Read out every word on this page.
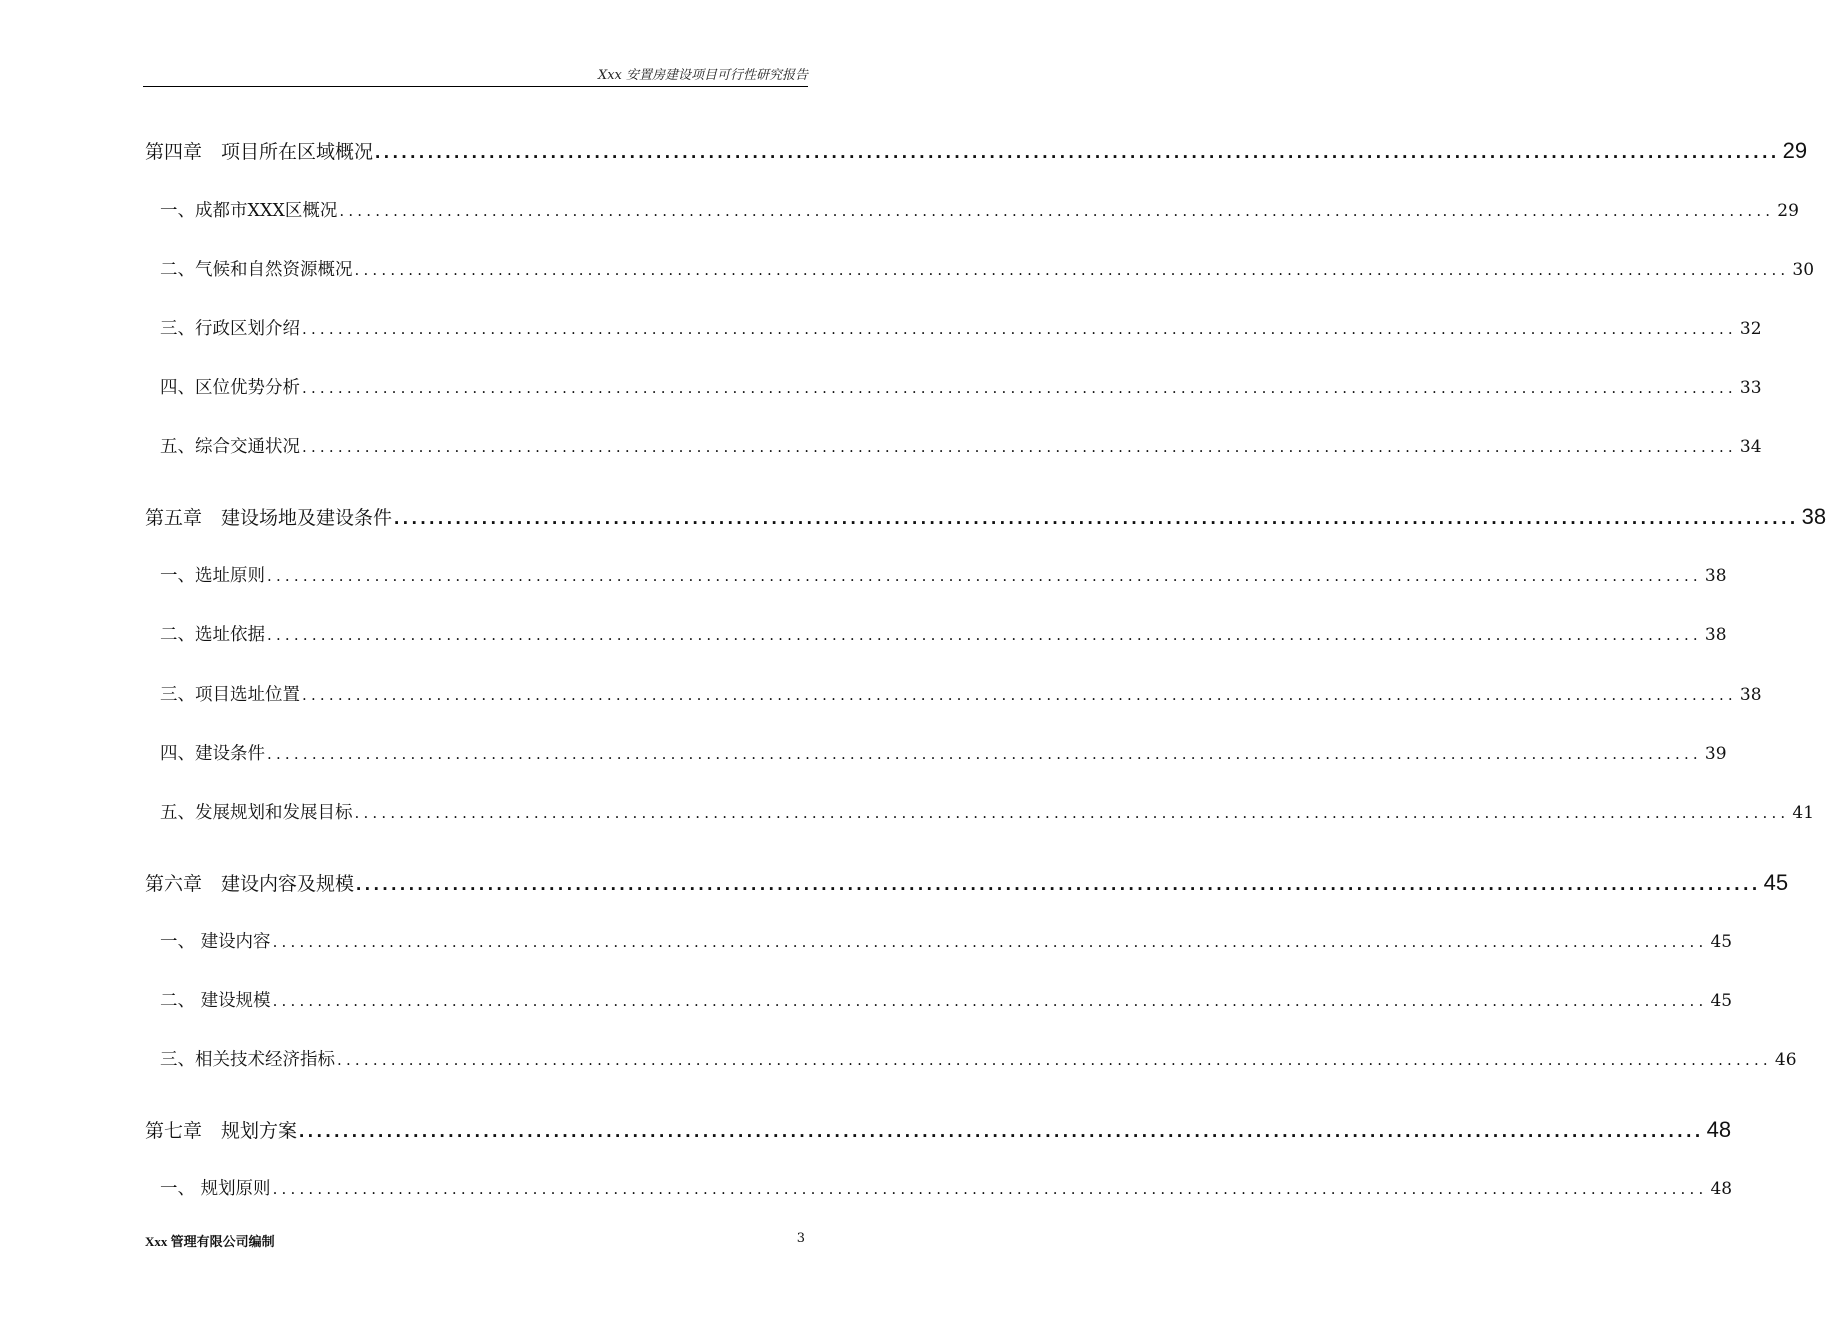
Xxx 安置房建设项目可行性研究报告
第四章　项目所在区域概况 ................................................................................................................................................................ 29
一、成都市XXX区概况 ................................................................................................................................................................ 29
二、气候和自然资源概况 ................................................................................................................................................................ 30
三、行政区划介绍 ................................................................................................................................................................ 32
四、区位优势分析 ................................................................................................................................................................ 33
五、综合交通状况 ................................................................................................................................................................ 34
第五章　建设场地及建设条件 ................................................................................................................................................................ 38
一、选址原则 ................................................................................................................................................................ 38
二、选址依据 ................................................................................................................................................................ 38
三、项目选址位置 ................................................................................................................................................................ 38
四、建设条件 ................................................................................................................................................................ 39
五、发展规划和发展目标 ................................................................................................................................................................ 41
第六章　建设内容及规模 ................................................................................................................................................................ 45
一、 建设内容 ................................................................................................................................................................ 45
二、 建设规模 ................................................................................................................................................................ 45
三、相关技术经济指标 ................................................................................................................................................................ 46
第七章　规划方案 ................................................................................................................................................................ 48
一、 规划原则 ................................................................................................................................................................ 48
Xxx 管理有限公司编制	3
